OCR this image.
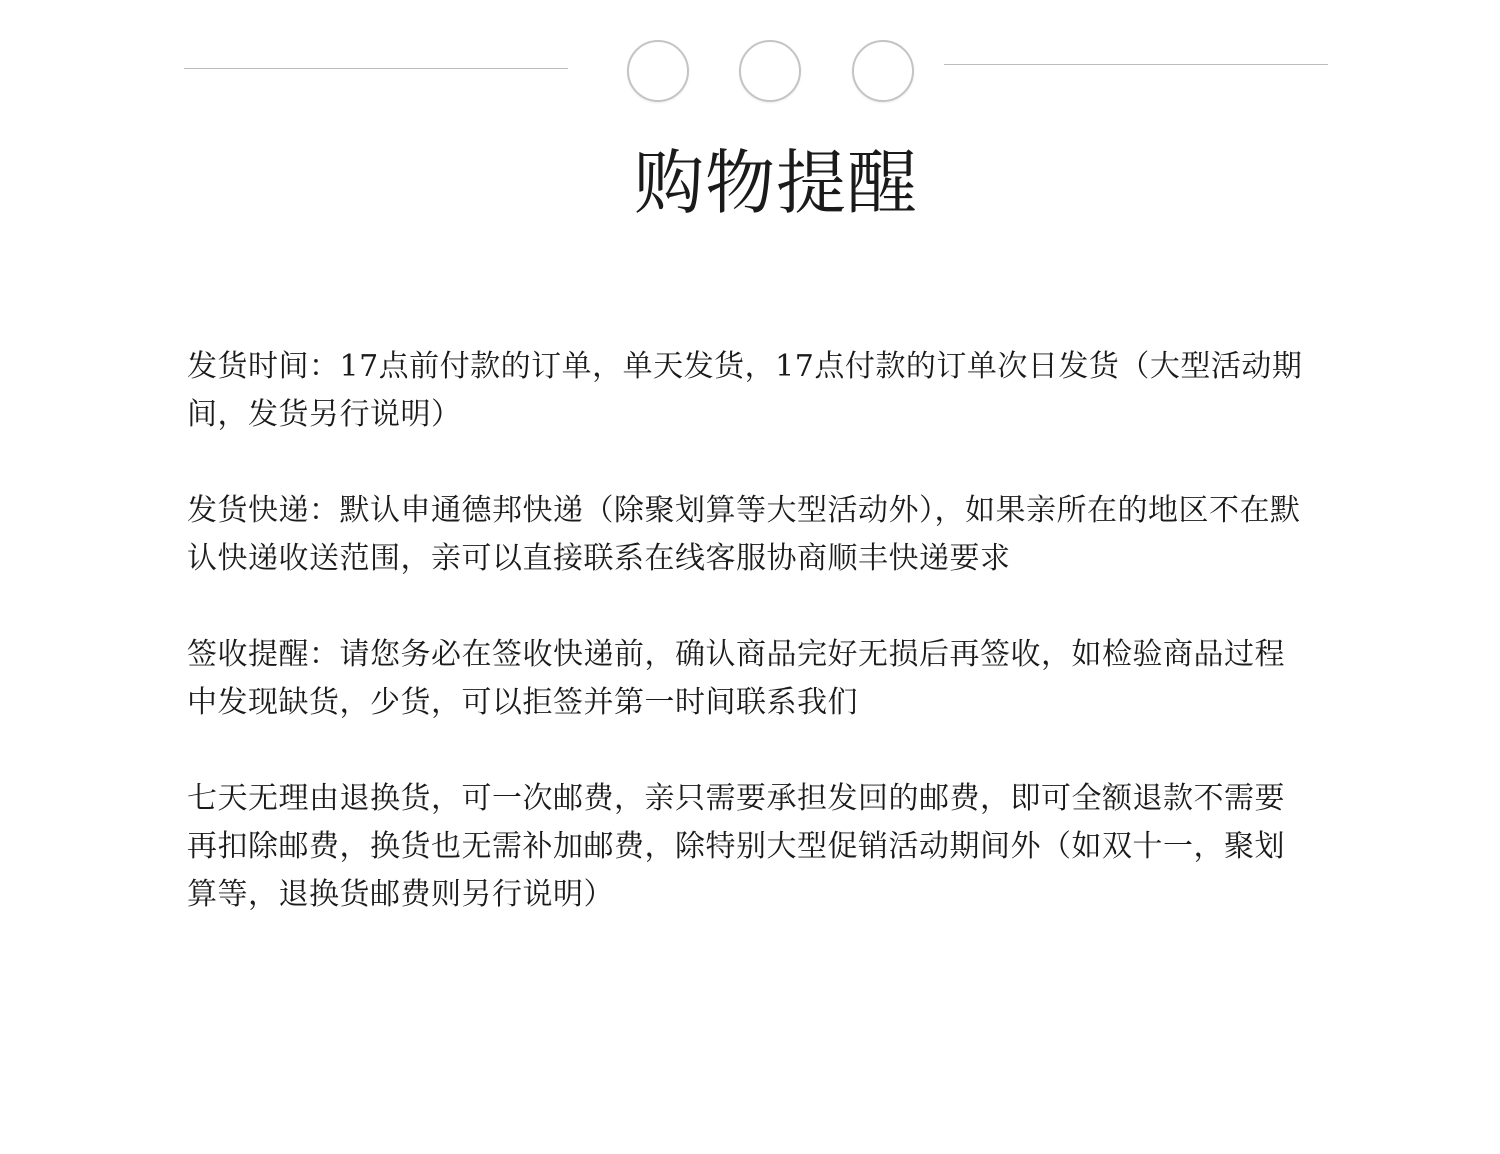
购物提醒

发货时间：17点前付款的订单，单天发货，17点付款的订单次日发货（大型活动期间，发货另行说明）

发货快递：默认申通德邦快递（除聚划算等大型活动外），如果亲所在的地区不在默认快递收送范围，亲可以直接联系在线客服协商顺丰快递要求

签收提醒：请您务必在签收快递前，确认商品完好无损后再签收，如检验商品过程中发现缺货，少货，可以拒签并第一时间联系我们

七天无理由退换货，可一次邮费，亲只需要承担发回的邮费，即可全额退款不需要再扣除邮费，换货也无需补加邮费，除特别大型促销活动期间外（如双十一，聚划算等，退换货邮费则另行说明）
